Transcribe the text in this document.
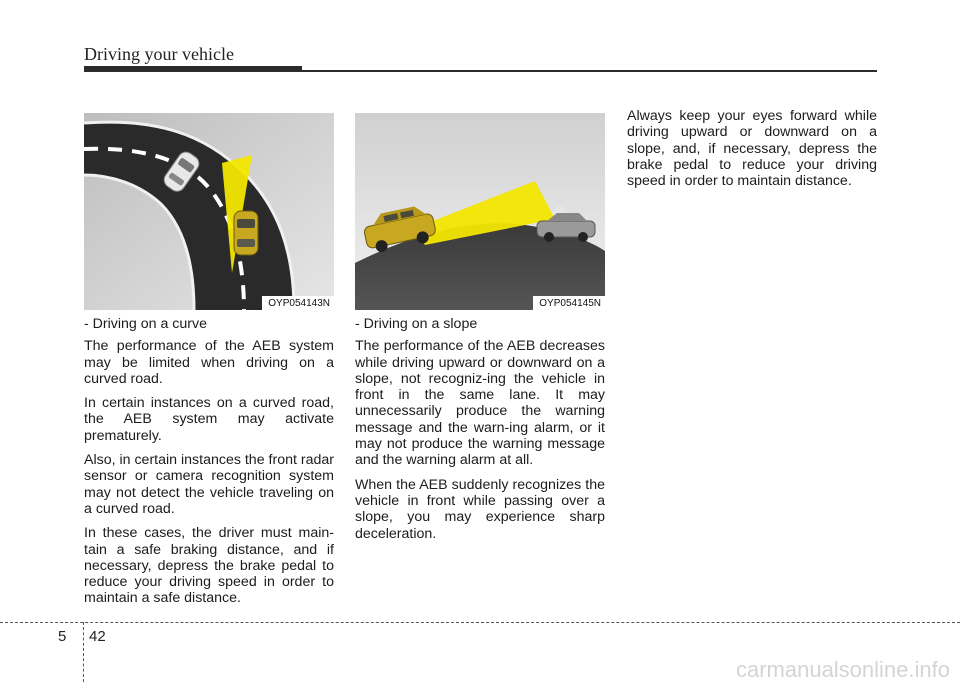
Driving your vehicle
OYP054143N	OYP054145N

- Driving on a curve

The performance of the AEB system may be limited when driving on a curved road.

In certain instances on a curved road, the AEB system may activate prematurely.

Also, in certain instances the front radar sensor or camera recognition system may not detect the vehicle traveling on a curved road.

In these cases, the driver must main-tain a safe braking distance, and if necessary, depress the brake pedal to reduce your driving speed in order to maintain a safe distance.

- Driving on a slope

The performance of the AEB decreases while driving upward or downward on a slope, not recogniz-ing the vehicle in front in the same lane. It may unnecessarily produce the warning message and the warn-ing alarm, or it may not produce the warning message and the warning alarm at all.

When the AEB suddenly recognizes the vehicle in front while passing over a slope, you may experience sharp deceleration.

Always keep your eyes forward while driving upward or downward on a slope, and, if necessary, depress the brake pedal to reduce your driving speed in order to maintain distance.

5 42
carmanualsonline.info
